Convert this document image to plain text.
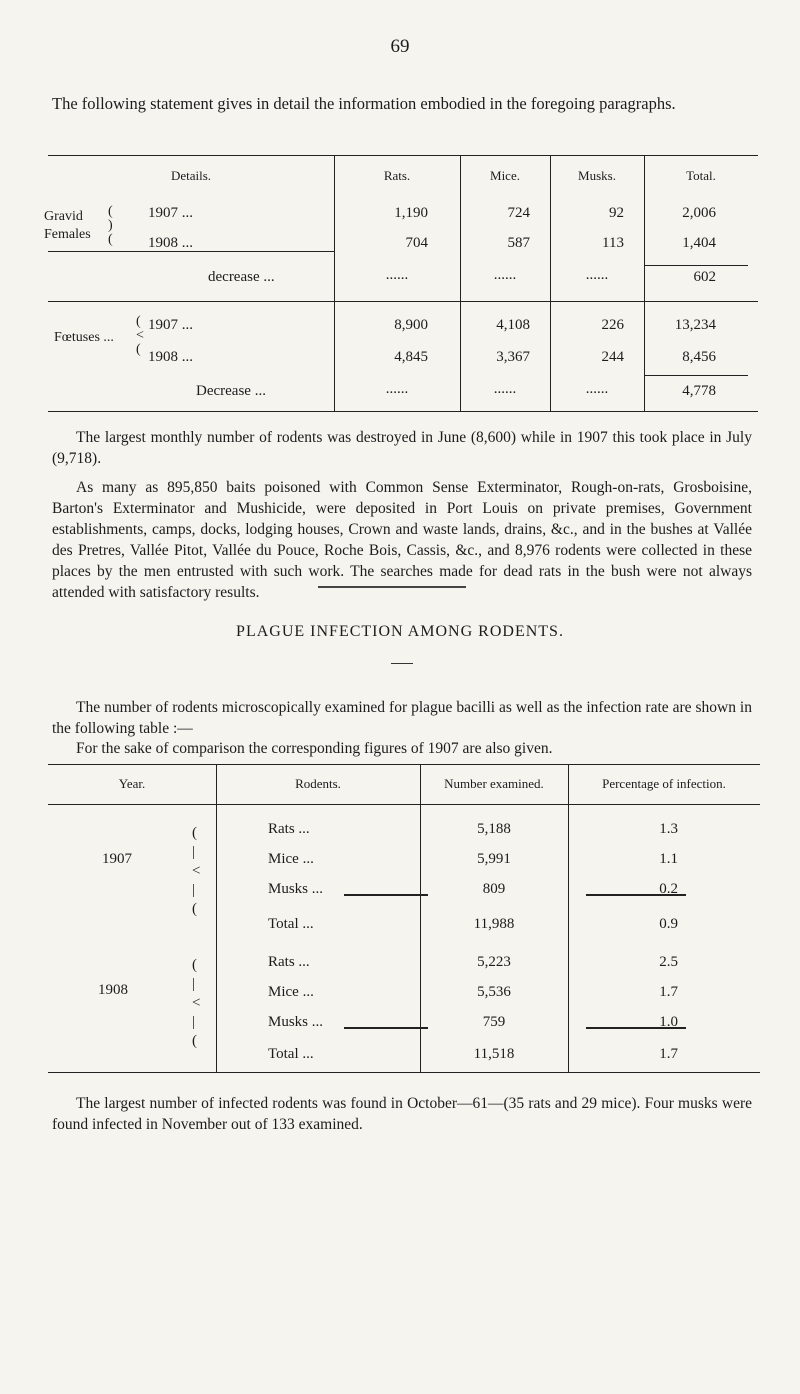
69
The following statement gives in detail the information embodied in the foregoing paragraphs.
Details.	Rats.	Mice.	Musks.	Total.
Gravid
Females
(
)
(
1907 ...	1,190	724	92	2,006
1908 ...	704	587	113	1,404
decrease ...	......	......	......	602
Fœtuses ...
(
<
(
1907 ...	8,900	4,108	226	13,234
1908 ...	4,845	3,367	244	8,456
Decrease ...	......	......	......	4,778
The largest monthly number of rodents was destroyed in June (8,600) while in 1907 this took place in July (9,718).
As many as 895,850 baits poisoned with Common Sense Exterminator, Rough-on-rats, Grosboisine, Barton's Exterminator and Mushicide, were deposited in Port Louis on private premises, Government establishments, camps, docks, lodging houses, Crown and waste lands, drains, &c., and in the bushes at Vallée des Pretres, Vallée Pitot, Vallée du Pouce, Roche Bois, Cassis, &c., and 8,976 rodents were collected in these places by the men entrusted with such work. The searches made for dead rats in the bush were not always attended with satisfactory results.
PLAGUE INFECTION AMONG RODENTS.
The number of rodents microscopically examined for plague bacilli as well as the infection rate are shown in the following table :—
For the sake of comparison the corresponding figures of 1907 are also given.
Year.	Rodents.	Number examined.	Percentage of infection.
1907
(
|
<
|
(
Rats ...	5,188	1.3
Mice ...	5,991	1.1
Musks ...	809	0.2
Total ...	11,988	0.9
1908
(
|
<
|
(
Rats ...	5,223	2.5
Mice ...	5,536	1.7
Musks ...	759	1.0
Total ...	11,518	1.7
The largest number of infected rodents was found in October—61—(35 rats and 29 mice). Four musks were found infected in November out of 133 examined.
